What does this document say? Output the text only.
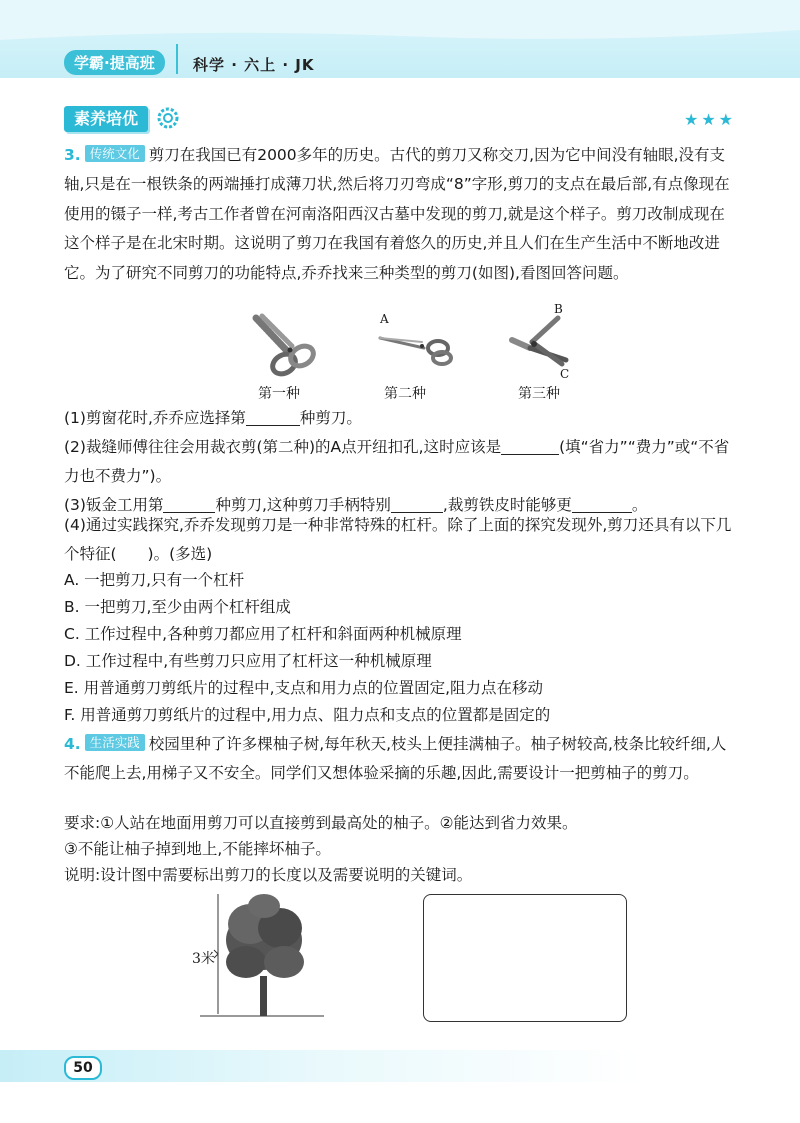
学霸·提高班	科学 · 六上 · JK
素养培优	★★★
3. 传统文化 剪刀在我国已有2000多年的历史。古代的剪刀又称交刀,因为它中间没有轴眼,没有支轴,只是在一根铁条的两端捶打成薄刀状,然后将刀刃弯成“8”字形,剪刀的支点在最后部,有点像现在使用的镊子一样,考古工作者曾在河南洛阳西汉古墓中发现的剪刀,就是这个样子。剪刀改制成现在这个样子是在北宋时期。这说明了剪刀在我国有着悠久的历史,并且人们在生产生活中不断地改进它。为了研究不同剪刀的功能特点,乔乔找来三种类型的剪刀(如图),看图回答问题。
A
B
C
第一种	第二种	第三种
(1)剪窗花时,乔乔应选择第	种剪刀。
(2)裁缝师傅往往会用裁衣剪(第二种)的A点开纽扣孔,这时应该是	(填“省力”“费力”或“不省力也不费力”)。
(3)钣金工用第	种剪刀,这种剪刀手柄特别	,裁剪铁皮时能够更	。
(4)通过实践探究,乔乔发现剪刀是一种非常特殊的杠杆。除了上面的探究发现外,剪刀还具有以下几个特征(　　)。(多选)
A. 一把剪刀,只有一个杠杆
B. 一把剪刀,至少由两个杠杆组成
C. 工作过程中,各种剪刀都应用了杠杆和斜面两种机械原理
D. 工作过程中,有些剪刀只应用了杠杆这一种机械原理
E. 用普通剪刀剪纸片的过程中,支点和用力点的位置固定,阻力点在移动
F. 用普通剪刀剪纸片的过程中,用力点、阻力点和支点的位置都是固定的
4. 生活实践 校园里种了许多棵柚子树,每年秋天,枝头上便挂满柚子。柚子树较高,枝条比较纤细,人不能爬上去,用梯子又不安全。同学们又想体验采摘的乐趣,因此,需要设计一把剪柚子的剪刀。
要求:①人站在地面用剪刀可以直接剪到最高处的柚子。②能达到省力效果。
③不能让柚子掉到地上,不能摔坏柚子。
说明:设计图中需要标出剪刀的长度以及需要说明的关键词。
3米
50
